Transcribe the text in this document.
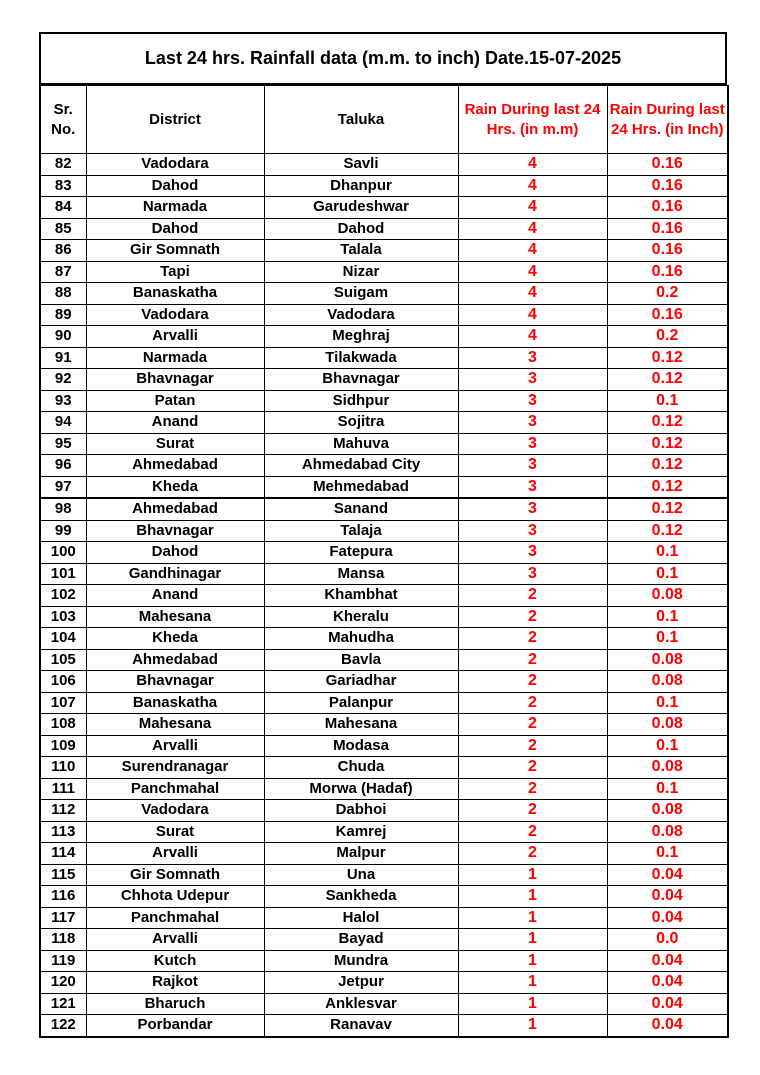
Last 24 hrs. Rainfall data (m.m. to inch) Date.15-07-2025
Sr. No.	District	Taluka	Rain During last 24 Hrs. (in m.m)	Rain During last 24 Hrs. (in Inch)
82	Vadodara	Savli	4	0.16
83	Dahod	Dhanpur	4	0.16
84	Narmada	Garudeshwar	4	0.16
85	Dahod	Dahod	4	0.16
86	Gir Somnath	Talala	4	0.16
87	Tapi	Nizar	4	0.16
88	Banaskatha	Suigam	4	0.2
89	Vadodara	Vadodara	4	0.16
90	Arvalli	Meghraj	4	0.2
91	Narmada	Tilakwada	3	0.12
92	Bhavnagar	Bhavnagar	3	0.12
93	Patan	Sidhpur	3	0.1
94	Anand	Sojitra	3	0.12
95	Surat	Mahuva	3	0.12
96	Ahmedabad	Ahmedabad City	3	0.12
97	Kheda	Mehmedabad	3	0.12
98	Ahmedabad	Sanand	3	0.12
99	Bhavnagar	Talaja	3	0.12
100	Dahod	Fatepura	3	0.1
101	Gandhinagar	Mansa	3	0.1
102	Anand	Khambhat	2	0.08
103	Mahesana	Kheralu	2	0.1
104	Kheda	Mahudha	2	0.1
105	Ahmedabad	Bavla	2	0.08
106	Bhavnagar	Gariadhar	2	0.08
107	Banaskatha	Palanpur	2	0.1
108	Mahesana	Mahesana	2	0.08
109	Arvalli	Modasa	2	0.1
110	Surendranagar	Chuda	2	0.08
111	Panchmahal	Morwa (Hadaf)	2	0.1
112	Vadodara	Dabhoi	2	0.08
113	Surat	Kamrej	2	0.08
114	Arvalli	Malpur	2	0.1
115	Gir Somnath	Una	1	0.04
116	Chhota Udepur	Sankheda	1	0.04
117	Panchmahal	Halol	1	0.04
118	Arvalli	Bayad	1	0.0
119	Kutch	Mundra	1	0.04
120	Rajkot	Jetpur	1	0.04
121	Bharuch	Anklesvar	1	0.04
122	Porbandar	Ranavav	1	0.04
